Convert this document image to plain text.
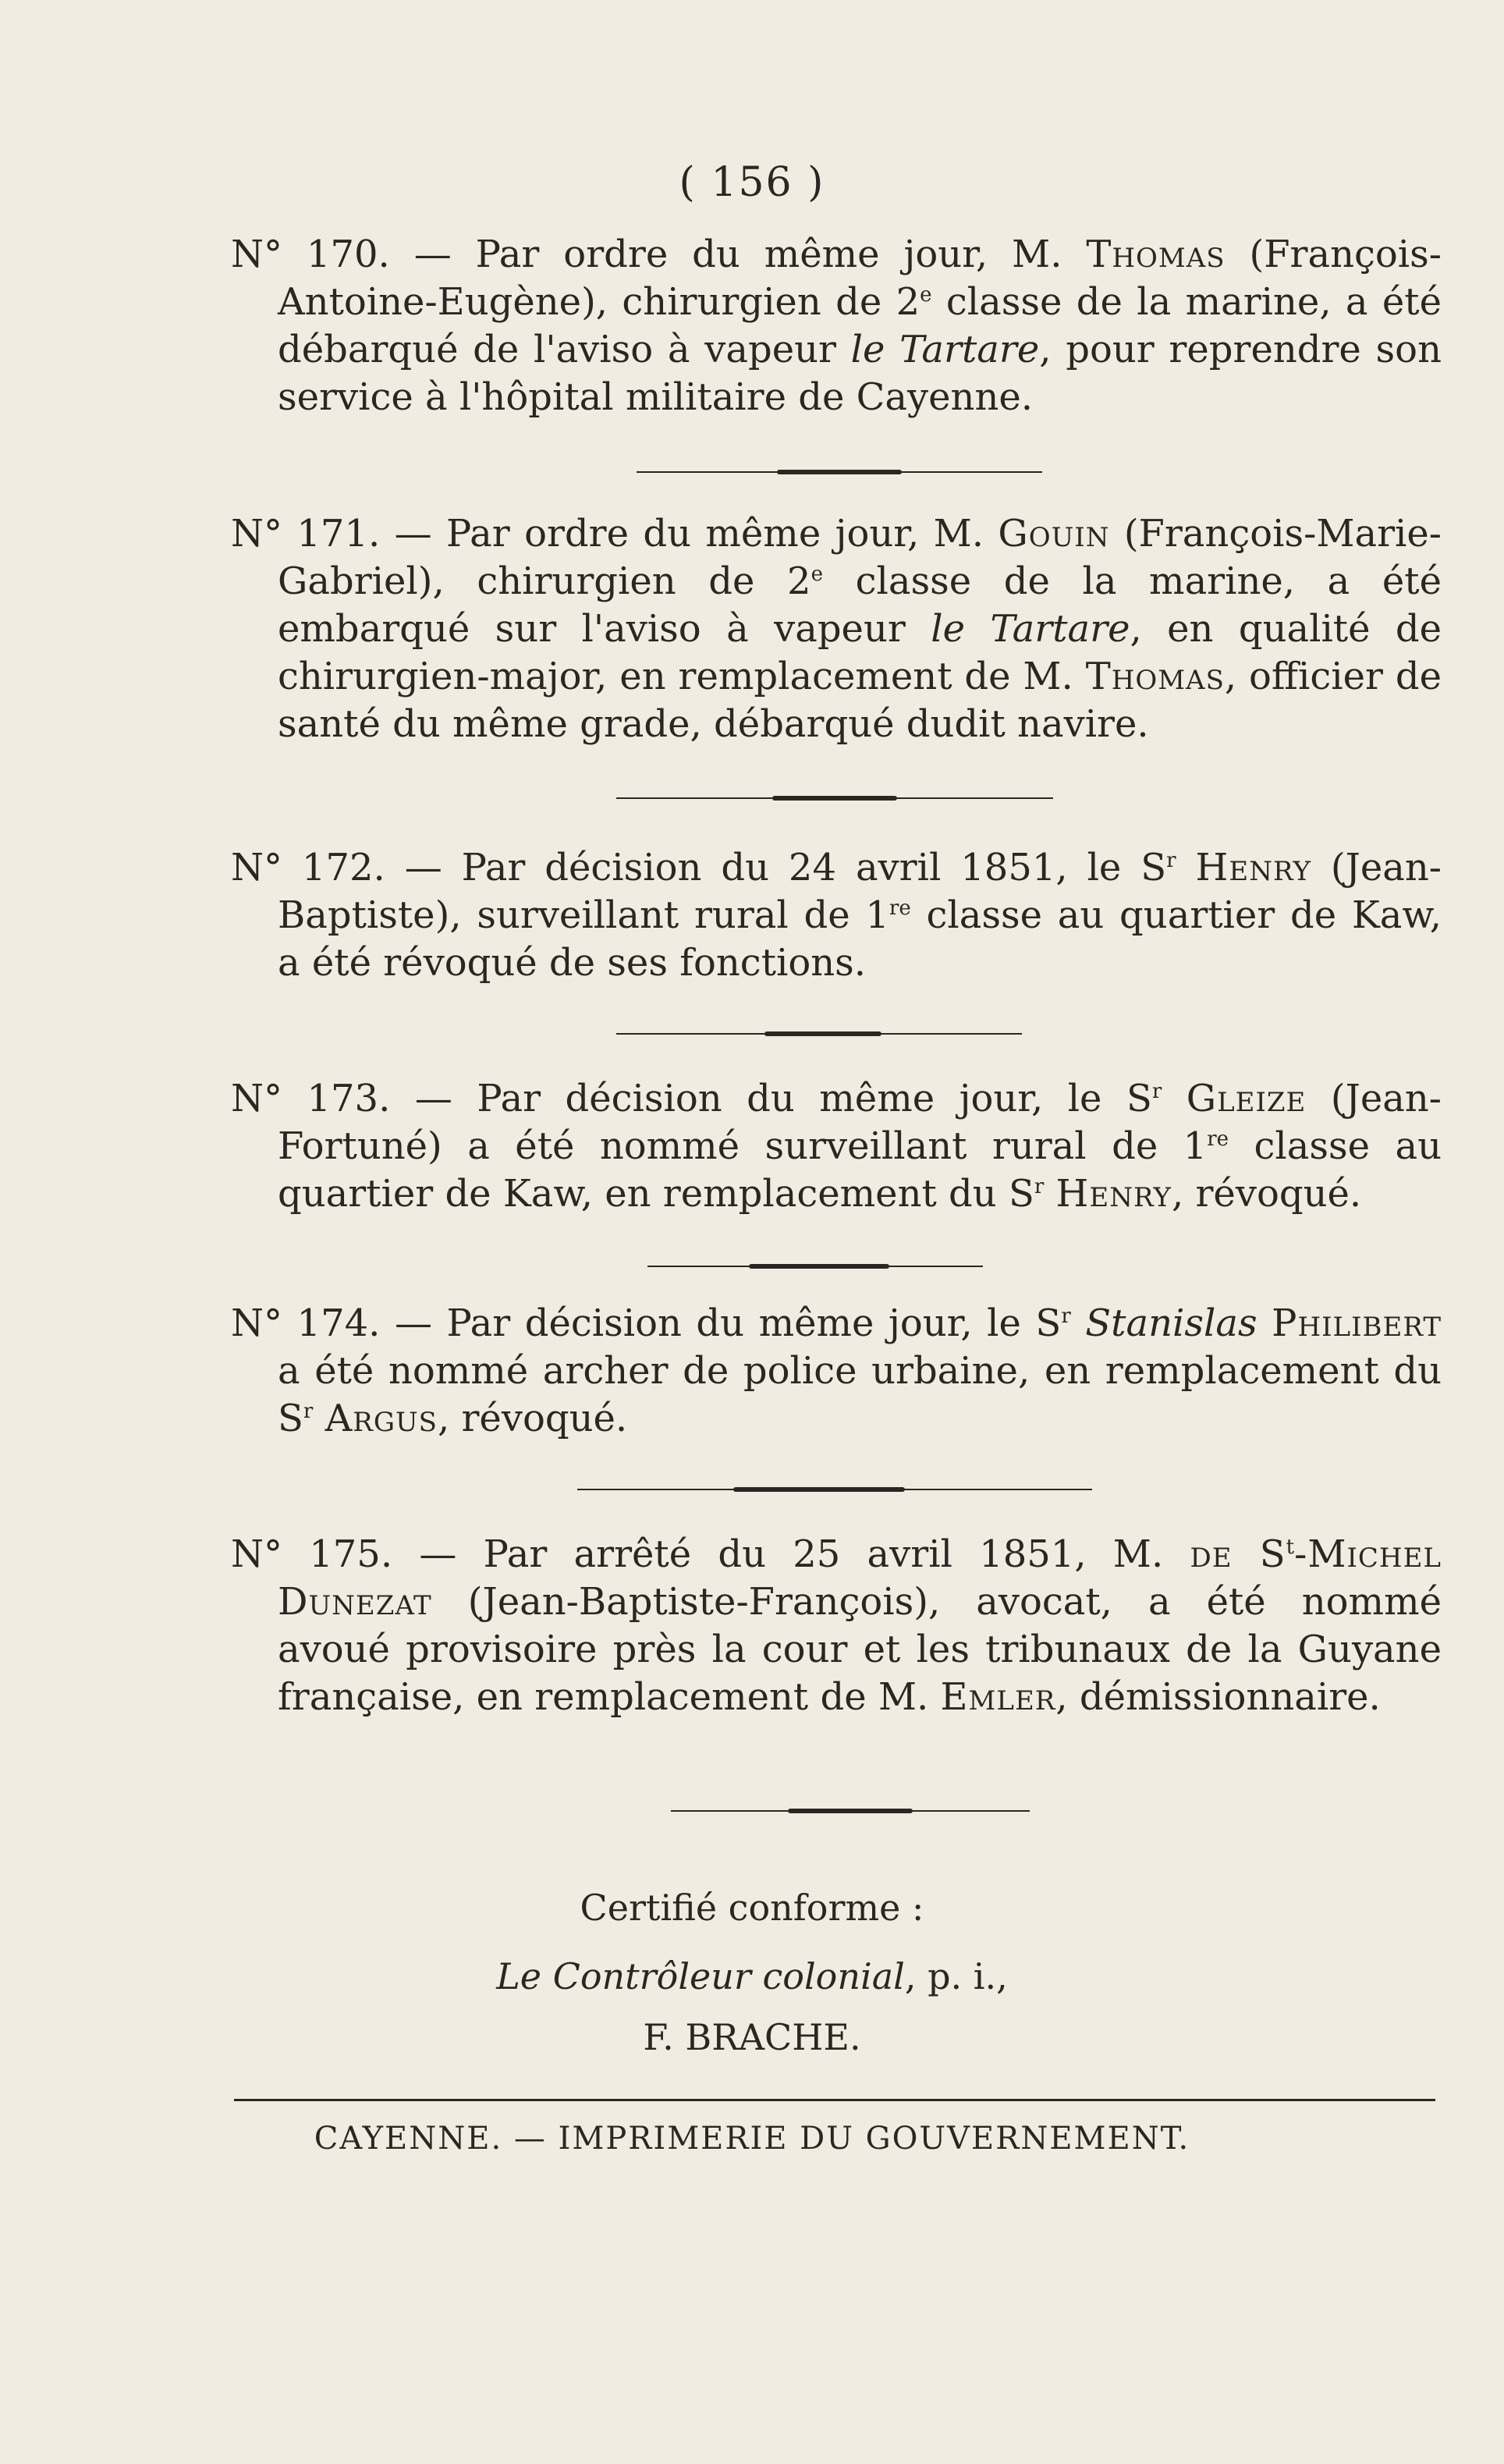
( 156 )
N° 170. — Par ordre du même jour, M. Thomas (François-Antoine-Eugène), chirurgien de 2e classe de la marine, a été débarqué de l'aviso à vapeur le Tartare, pour reprendre son service à l'hôpital militaire de Cayenne.
N° 171. — Par ordre du même jour, M. Gouin (François-Marie-Gabriel), chirurgien de 2e classe de la marine, a été embarqué sur l'aviso à vapeur le Tartare, en qualité de chirurgien-major, en remplacement de M. Thomas, officier de santé du même grade, débarqué dudit navire.
N° 172. — Par décision du 24 avril 1851, le $S^r$ Henry (Jean-Baptiste), surveillant rural de 1re classe au quartier de Kaw, a été révoqué de ses fonctions.
N° 173. — Par décision du même jour, le $S^r$ Gleize (Jean-Fortuné) a été nommé surveillant rural de 1re classe au quartier de Kaw, en remplacement du $S^r$ Henry, révoqué.
N° 174. — Par décision du même jour, le $S^r$ Stanislas Philibert a été nommé archer de police urbaine, en remplacement du $S^r$ Argus, révoqué.
N° 175. — Par arrêté du 25 avril 1851, M. de $S^t$-Michel Dunezat (Jean-Baptiste-François), avocat, a été nommé avoué provisoire près la cour et les tribunaux de la Guyane française, en remplacement de M. Emler, démissionnaire.
Certifié conforme :
Le Contrôleur colonial, p. i.,
F. BRACHE.
CAYENNE. — IMPRIMERIE DU GOUVERNEMENT.
